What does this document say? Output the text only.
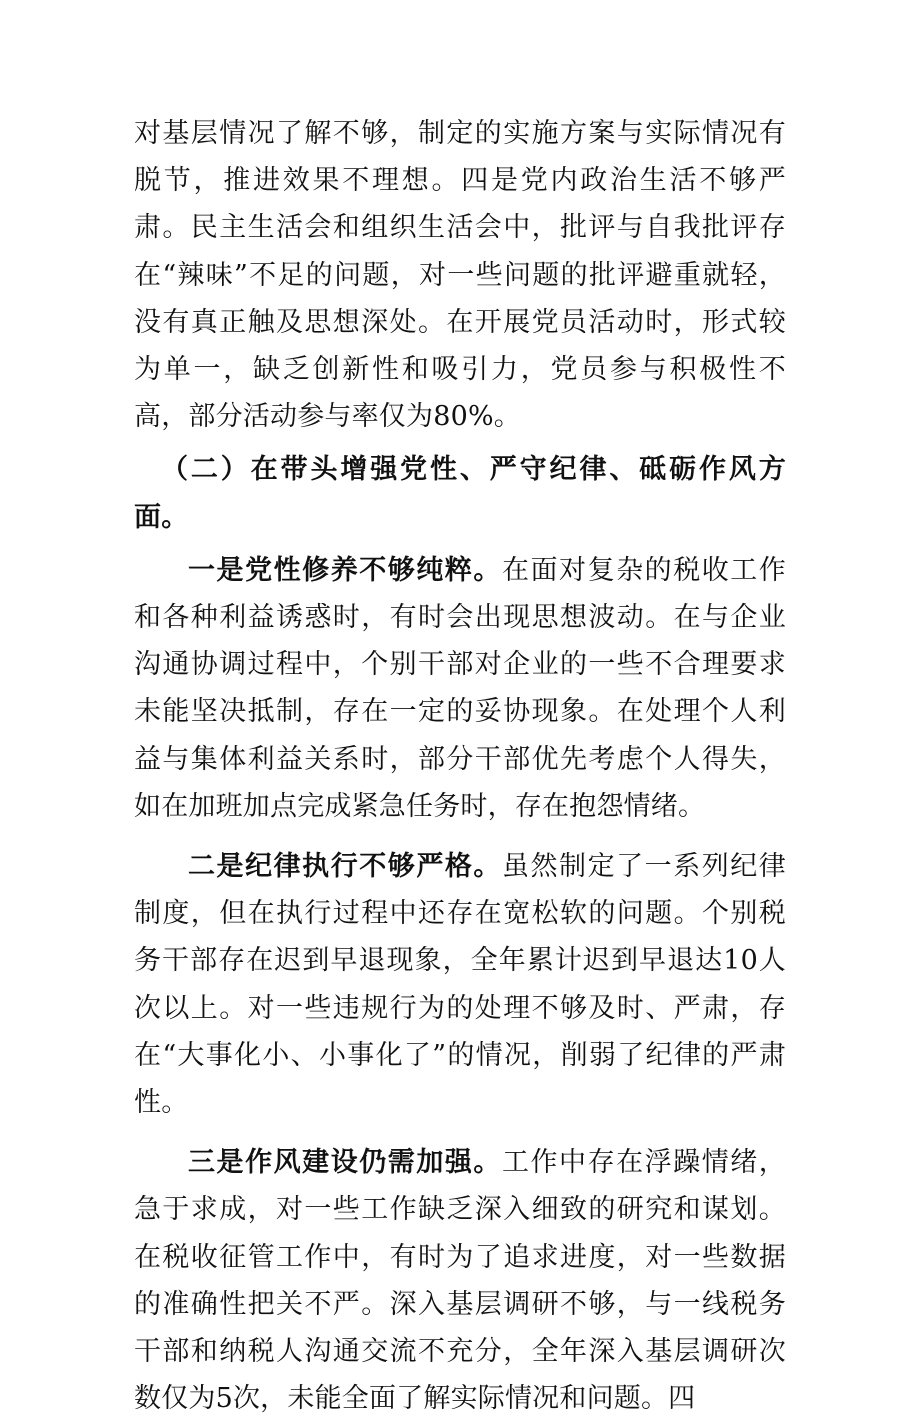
对基层情况了解不够，制定的实施方案与实际情况有脱节，推进效果不理想。四是党内政治生活不够严肃。民主生活会和组织生活会中，批评与自我批评存在“辣味”不足的问题，对一些问题的批评避重就轻，没有真正触及思想深处。在开展党员活动时，形式较为单一，缺乏创新性和吸引力，党员参与积极性不高，部分活动参与率仅为80%。

（二）在带头增强党性、严守纪律、砥砺作风方面。

一是党性修养不够纯粹。在面对复杂的税收工作和各种利益诱惑时，有时会出现思想波动。在与企业沟通协调过程中，个别干部对企业的一些不合理要求未能坚决抵制，存在一定的妥协现象。在处理个人利益与集体利益关系时，部分干部优先考虑个人得失，如在加班加点完成紧急任务时，存在抱怨情绪。

二是纪律执行不够严格。虽然制定了一系列纪律制度，但在执行过程中还存在宽松软的问题。个别税务干部存在迟到早退现象，全年累计迟到早退达10人次以上。对一些违规行为的处理不够及时、严肃，存在“大事化小、小事化了”的情况，削弱了纪律的严肃性。

三是作风建设仍需加强。工作中存在浮躁情绪，急于求成，对一些工作缺乏深入细致的研究和谋划。在税收征管工作中，有时为了追求进度，对一些数据的准确性把关不严。深入基层调研不够，与一线税务干部和纳税人沟通交流不充分，全年深入基层调研次数仅为5次，未能全面了解实际情况和问题。四
